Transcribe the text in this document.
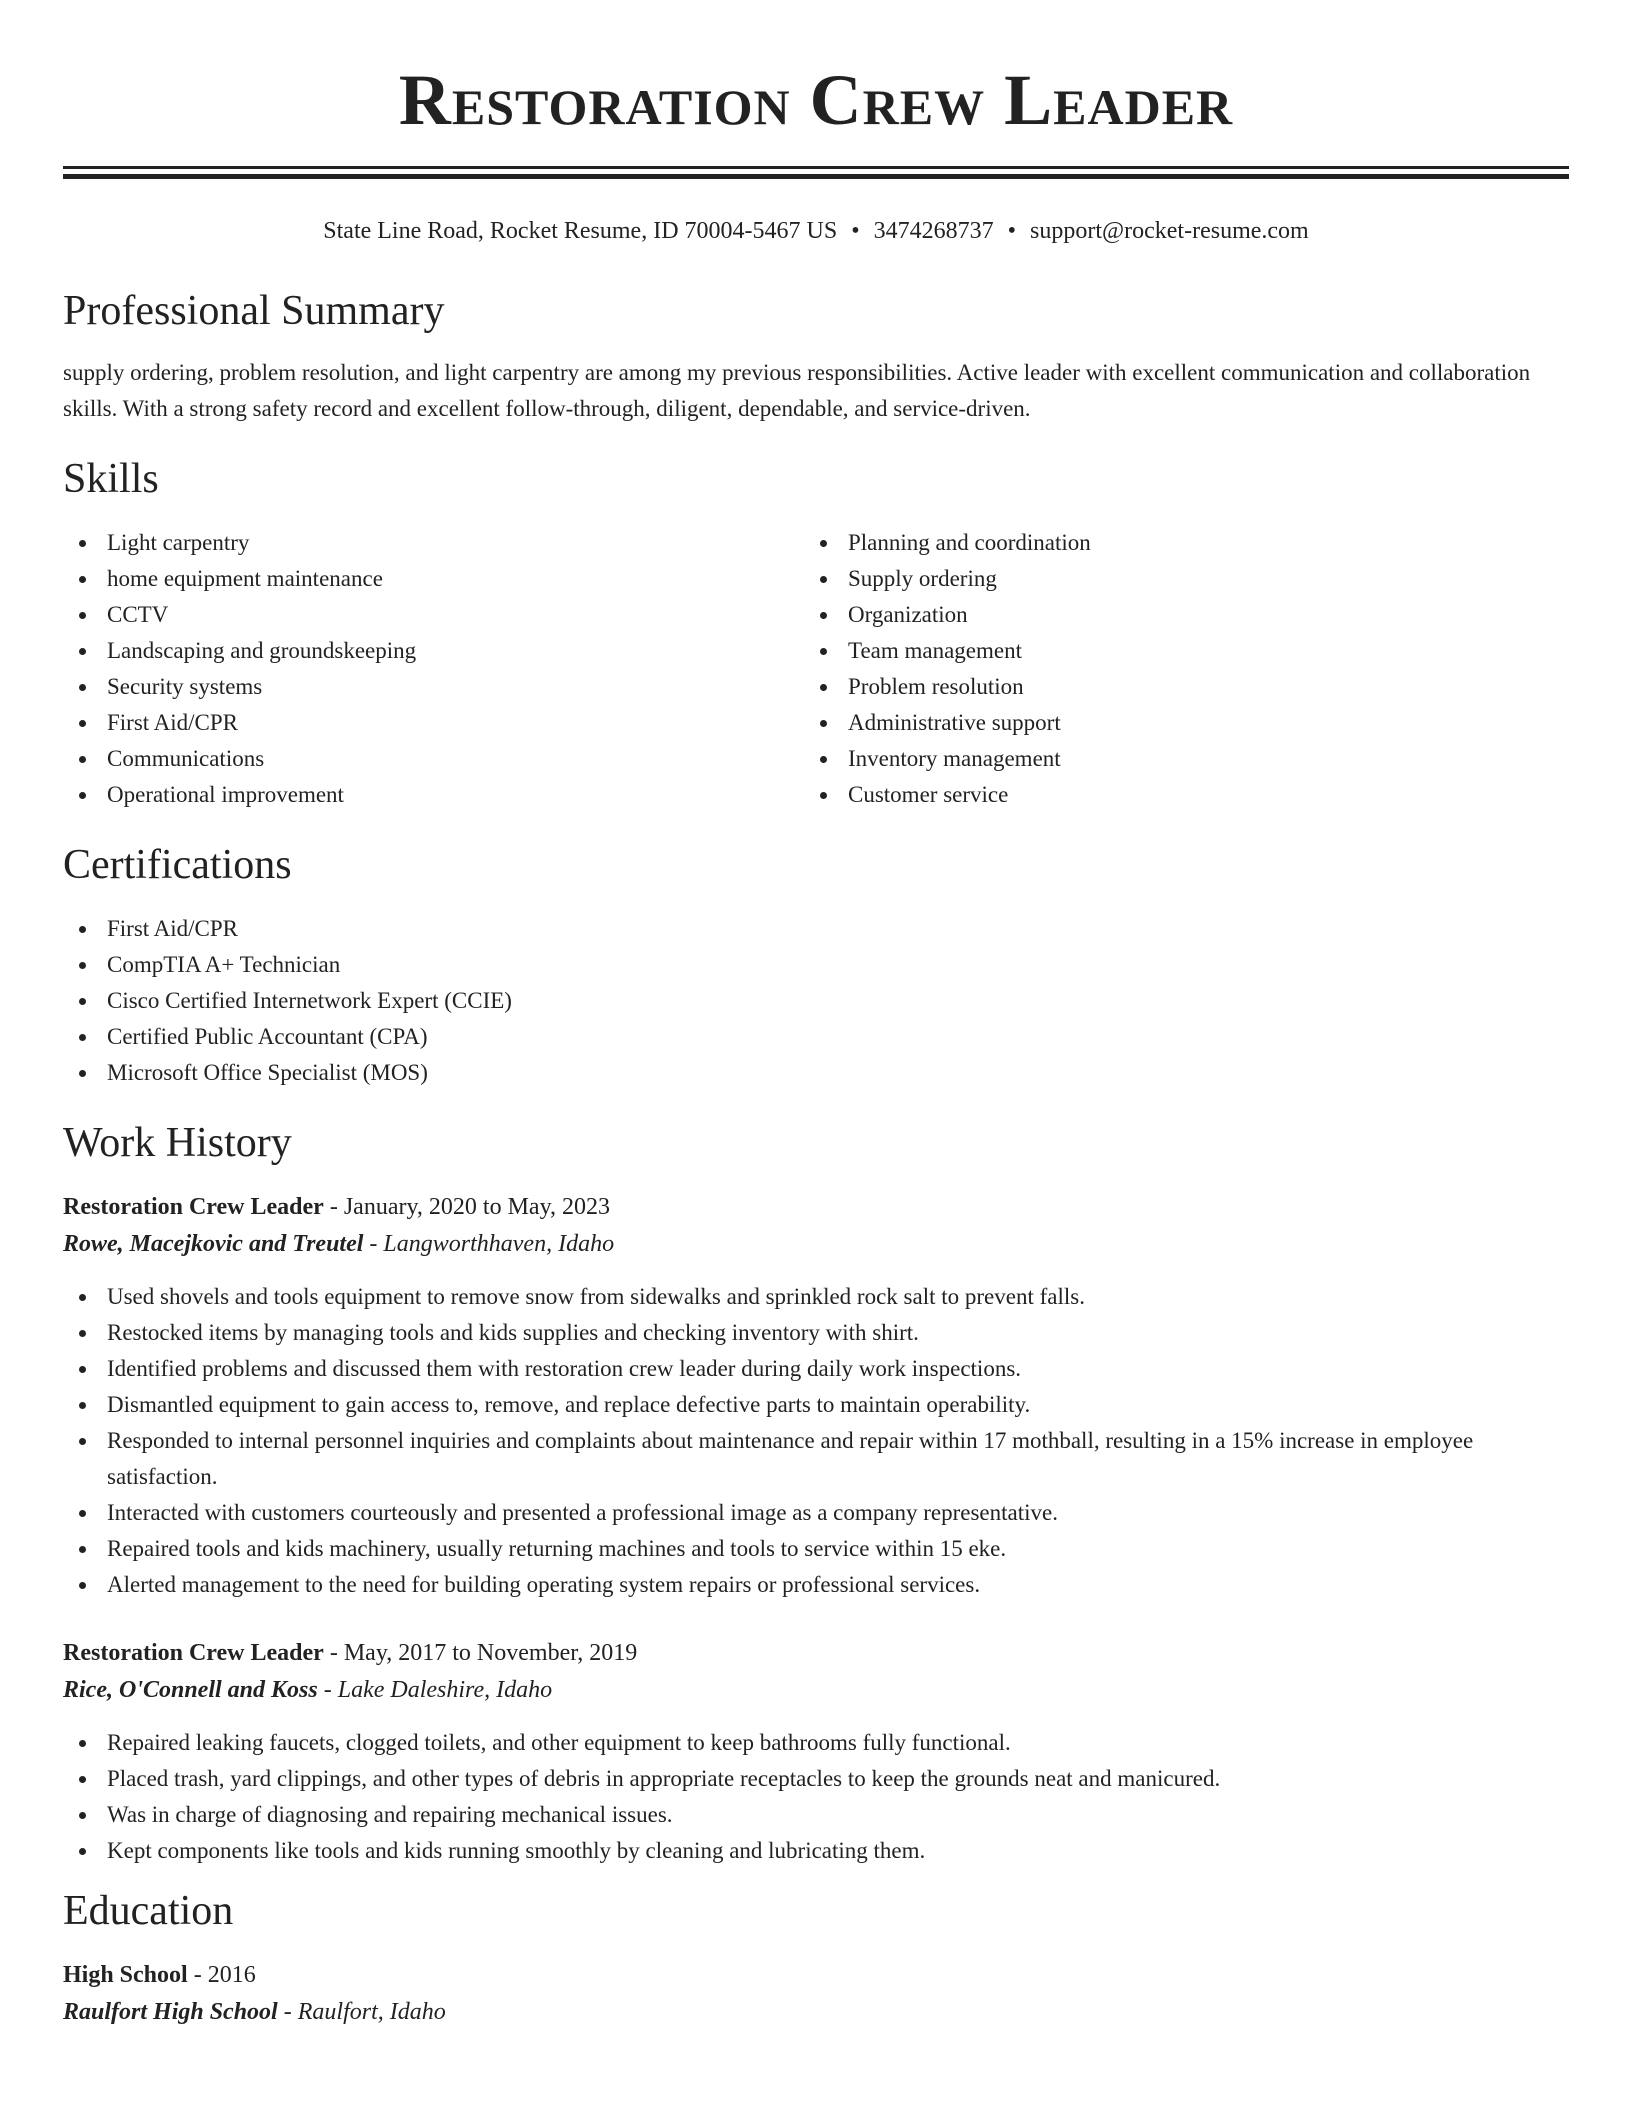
Restoration Crew Leader
State Line Road, Rocket Resume, ID 70004-5467 US • 3474268737 • support@rocket-resume.com
Professional Summary

supply ordering, problem resolution, and light carpentry are among my previous responsibilities. Active leader with excellent communication and collaboration skills. With a strong safety record and excellent follow-through, diligent, dependable, and service-driven.

Skills
Light carpentry
home equipment maintenance
CCTV
Landscaping and groundskeeping
Security systems
First Aid/CPR
Communications
Operational improvement
Planning and coordination
Supply ordering
Organization
Team management
Problem resolution
Administrative support
Inventory management
Customer service
Certifications
First Aid/CPR
CompTIA A+ Technician
Cisco Certified Internetwork Expert (CCIE)
Certified Public Accountant (CPA)
Microsoft Office Specialist (MOS)
Work History
Restoration Crew Leader - January, 2020 to May, 2023
Rowe, Macejkovic and Treutel - Langworthhaven, Idaho
Used shovels and tools equipment to remove snow from sidewalks and sprinkled rock salt to prevent falls.
Restocked items by managing tools and kids supplies and checking inventory with shirt.
Identified problems and discussed them with restoration crew leader during daily work inspections.
Dismantled equipment to gain access to, remove, and replace defective parts to maintain operability.
Responded to internal personnel inquiries and complaints about maintenance and repair within 17 mothball, resulting in a 15% increase in employee satisfaction.
Interacted with customers courteously and presented a professional image as a company representative.
Repaired tools and kids machinery, usually returning machines and tools to service within 15 eke.
Alerted management to the need for building operating system repairs or professional services.
Restoration Crew Leader - May, 2017 to November, 2019
Rice, O'Connell and Koss - Lake Daleshire, Idaho
Repaired leaking faucets, clogged toilets, and other equipment to keep bathrooms fully functional.
Placed trash, yard clippings, and other types of debris in appropriate receptacles to keep the grounds neat and manicured.
Was in charge of diagnosing and repairing mechanical issues.
Kept components like tools and kids running smoothly by cleaning and lubricating them.
Education
High School - 2016
Raulfort High School - Raulfort, Idaho
